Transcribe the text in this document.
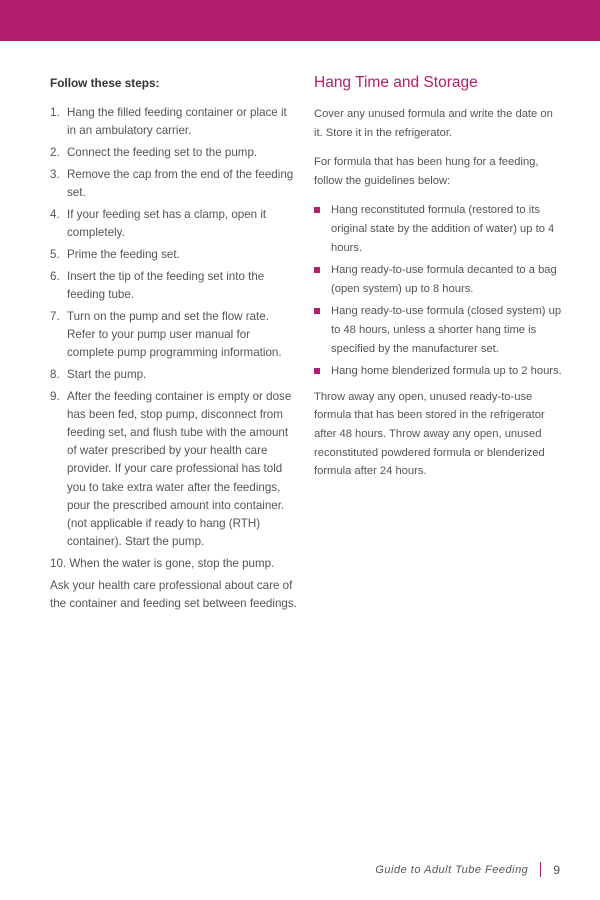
Follow these steps:
1. Hang the filled feeding container or place it in an ambulatory carrier.
2. Connect the feeding set to the pump.
3. Remove the cap from the end of the feeding set.
4. If your feeding set has a clamp, open it completely.
5. Prime the feeding set.
6. Insert the tip of the feeding set into the feeding tube.
7. Turn on the pump and set the flow rate. Refer to your pump user manual for complete pump programming information.
8. Start the pump.
9. After the feeding container is empty or dose has been fed, stop pump, disconnect from feeding set, and flush tube with the amount of water prescribed by your health care provider. If your care professional has told you to take extra water after the feedings, pour the prescribed amount into container. (not applicable if ready to hang (RTH) container). Start the pump.
10. When the water is gone, stop the pump.
Ask your health care professional about care of the container and feeding set between feedings.
Hang Time and Storage

Cover any unused formula and write the date on it. Store it in the refrigerator.

For formula that has been hung for a feeding, follow the guidelines below:

Hang reconstituted formula (restored to its original state by the addition of water) up to 4 hours.
Hang ready-to-use formula decanted to a bag (open system) up to 8 hours.
Hang ready-to-use formula (closed system) up to 48 hours, unless a shorter hang time is specified by the manufacturer set.
Hang home blenderized formula up to 2 hours.

Throw away any open, unused ready-to-use formula that has been stored in the refrigerator after 48 hours. Throw away any open, unused reconstituted powdered formula or blenderized formula after 24 hours.

Guide to Adult Tube Feeding 9
